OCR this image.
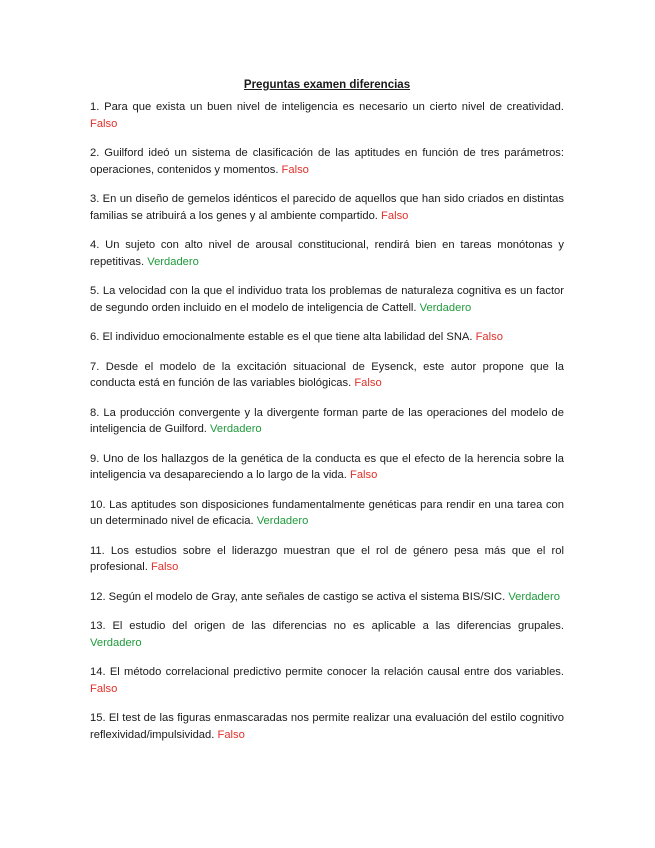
Preguntas examen diferencias

1. Para que exista un buen nivel de inteligencia es necesario un cierto nivel de creatividad. Falso

2. Guilford ideó un sistema de clasificación de las aptitudes en función de tres parámetros: operaciones, contenidos y momentos. Falso

3. En un diseño de gemelos idénticos el parecido de aquellos que han sido criados en distintas familias se atribuirá a los genes y al ambiente compartido. Falso

4. Un sujeto con alto nivel de arousal constitucional, rendirá bien en tareas monótonas y repetitivas. Verdadero

5. La velocidad con la que el individuo trata los problemas de naturaleza cognitiva es un factor de segundo orden incluido en el modelo de inteligencia de Cattell. Verdadero

6. El individuo emocionalmente estable es el que tiene alta labilidad del SNA. Falso

7. Desde el modelo de la excitación situacional de Eysenck, este autor propone que la conducta está en función de las variables biológicas. Falso

8. La producción convergente y la divergente forman parte de las operaciones del modelo de inteligencia de Guilford. Verdadero

9. Uno de los hallazgos de la genética de la conducta es que el efecto de la herencia sobre la inteligencia va desapareciendo a lo largo de la vida. Falso

10. Las aptitudes son disposiciones fundamentalmente genéticas para rendir en una tarea con un determinado nivel de eficacia. Verdadero

11. Los estudios sobre el liderazgo muestran que el rol de género pesa más que el rol profesional. Falso

12. Según el modelo de Gray, ante señales de castigo se activa el sistema BIS/SIC. Verdadero

13. El estudio del origen de las diferencias no es aplicable a las diferencias grupales. Verdadero

14. El método correlacional predictivo permite conocer la relación causal entre dos variables. Falso

15. El test de las figuras enmascaradas nos permite realizar una evaluación del estilo cognitivo reflexividad/impulsividad. Falso
